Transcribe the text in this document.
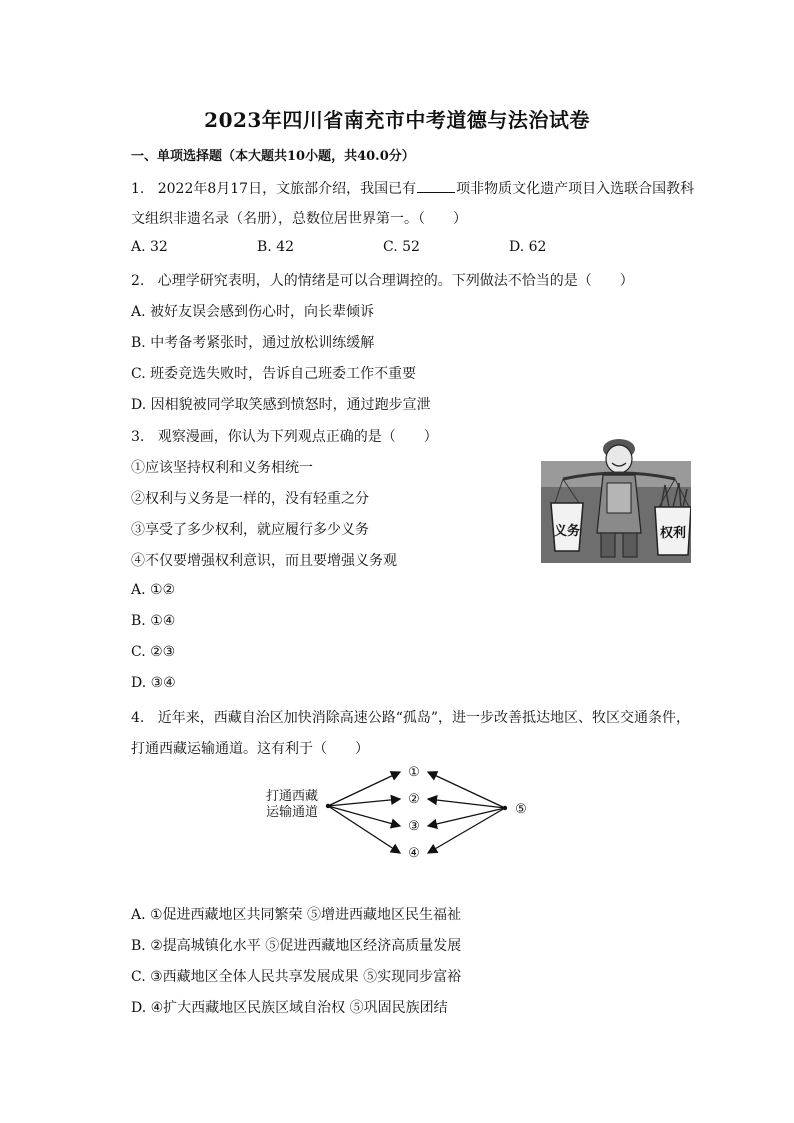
2023年四川省南充市中考道德与法治试卷
一、单项选择题（本大题共10小题，共40.0分）
1. 2022年8月17日，文旅部介绍，我国已有	项非物质文化遗产项目入选联合国教科
文组织非遗名录（名册），总数位居世界第一。（　　）
A. 32	B. 42	C. 52	D. 62
2. 心理学研究表明，人的情绪是可以合理调控的。下列做法不恰当的是（　　）
A. 被好友误会感到伤心时，向长辈倾诉
B. 中考备考紧张时，通过放松训练缓解
C. 班委竞选失败时，告诉自己班委工作不重要
D. 因相貌被同学取笑感到愤怒时，通过跑步宣泄
3. 观察漫画，你认为下列观点正确的是（　　）
①应该坚持权利和义务相统一
②权利与义务是一样的，没有轻重之分
③享受了多少权利，就应履行多少义务
④不仅要增强权利意识，而且要增强义务观
A. ①②
B. ①④
C. ②③
D. ③④
义务	权利
4. 近年来，西藏自治区加快消除高速公路“孤岛”，进一步改善抵达地区、牧区交通条件，
打通西藏运输通道。这有利于（　　）
打通西藏
运输通道
①
②
③
④
⑤
A. ①促进西藏地区共同繁荣 ⑤增进西藏地区民生福祉
B. ②提高城镇化水平 ⑤促进西藏地区经济高质量发展
C. ③西藏地区全体人民共享发展成果 ⑤实现同步富裕
D. ④扩大西藏地区民族区域自治权 ⑤巩固民族团结
